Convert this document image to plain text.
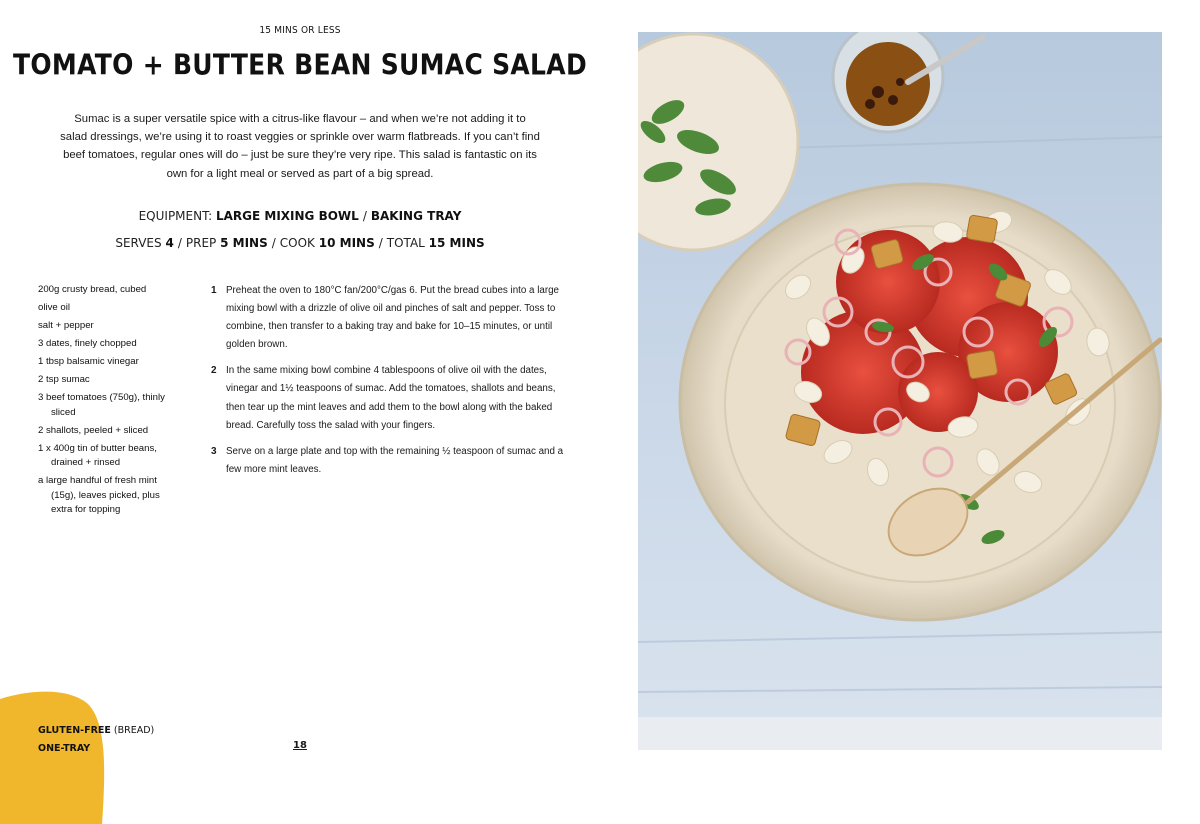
15 MINS OR LESS
TOMATO + BUTTER BEAN SUMAC SALAD
Sumac is a super versatile spice with a citrus-like flavour – and when we’re not adding it to salad dressings, we’re using it to roast veggies or sprinkle over warm flatbreads. If you can’t find beef tomatoes, regular ones will do – just be sure they’re very ripe. This salad is fantastic on its own for a light meal or served as part of a big spread.
EQUIPMENT: LARGE MIXING BOWL / BAKING TRAY
SERVES 4 / PREP 5 MINS / COOK 10 MINS / TOTAL 15 MINS
200g crusty bread, cubed
olive oil
salt + pepper
3 dates, finely chopped
1 tbsp balsamic vinegar
2 tsp sumac
3 beef tomatoes (750g), thinly sliced
2 shallots, peeled + sliced
1 x 400g tin of butter beans, drained + rinsed
a large handful of fresh mint (15g), leaves picked, plus extra for topping
1 Preheat the oven to 180°C fan/200°C/gas 6. Put the bread cubes into a large mixing bowl with a drizzle of olive oil and pinches of salt and pepper. Toss to combine, then transfer to a baking tray and bake for 10–15 minutes, or until golden brown.
2 In the same mixing bowl combine 4 tablespoons of olive oil with the dates, vinegar and 1½ teaspoons of sumac. Add the tomatoes, shallots and beans, then tear up the mint leaves and add them to the bowl along with the baked bread. Carefully toss the salad with your fingers.
3 Serve on a large plate and top with the remaining ½ teaspoon of sumac and a few more mint leaves.
GLUTEN-FREE (BREAD)
ONE-TRAY	18
